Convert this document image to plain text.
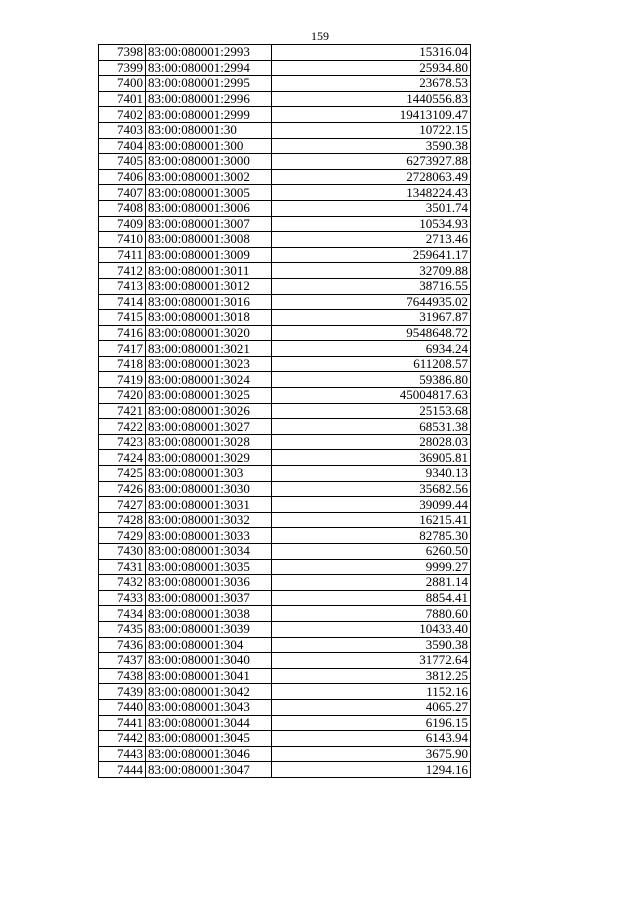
159
7398	83:00:080001:2993	15316.04
7399	83:00:080001:2994	25934.80
7400	83:00:080001:2995	23678.53
7401	83:00:080001:2996	1440556.83
7402	83:00:080001:2999	19413109.47
7403	83:00:080001:30	10722.15
7404	83:00:080001:300	3590.38
7405	83:00:080001:3000	6273927.88
7406	83:00:080001:3002	2728063.49
7407	83:00:080001:3005	1348224.43
7408	83:00:080001:3006	3501.74
7409	83:00:080001:3007	10534.93
7410	83:00:080001:3008	2713.46
7411	83:00:080001:3009	259641.17
7412	83:00:080001:3011	32709.88
7413	83:00:080001:3012	38716.55
7414	83:00:080001:3016	7644935.02
7415	83:00:080001:3018	31967.87
7416	83:00:080001:3020	9548648.72
7417	83:00:080001:3021	6934.24
7418	83:00:080001:3023	611208.57
7419	83:00:080001:3024	59386.80
7420	83:00:080001:3025	45004817.63
7421	83:00:080001:3026	25153.68
7422	83:00:080001:3027	68531.38
7423	83:00:080001:3028	28028.03
7424	83:00:080001:3029	36905.81
7425	83:00:080001:303	9340.13
7426	83:00:080001:3030	35682.56
7427	83:00:080001:3031	39099.44
7428	83:00:080001:3032	16215.41
7429	83:00:080001:3033	82785.30
7430	83:00:080001:3034	6260.50
7431	83:00:080001:3035	9999.27
7432	83:00:080001:3036	2881.14
7433	83:00:080001:3037	8854.41
7434	83:00:080001:3038	7880.60
7435	83:00:080001:3039	10433.40
7436	83:00:080001:304	3590.38
7437	83:00:080001:3040	31772.64
7438	83:00:080001:3041	3812.25
7439	83:00:080001:3042	1152.16
7440	83:00:080001:3043	4065.27
7441	83:00:080001:3044	6196.15
7442	83:00:080001:3045	6143.94
7443	83:00:080001:3046	3675.90
7444	83:00:080001:3047	1294.16
